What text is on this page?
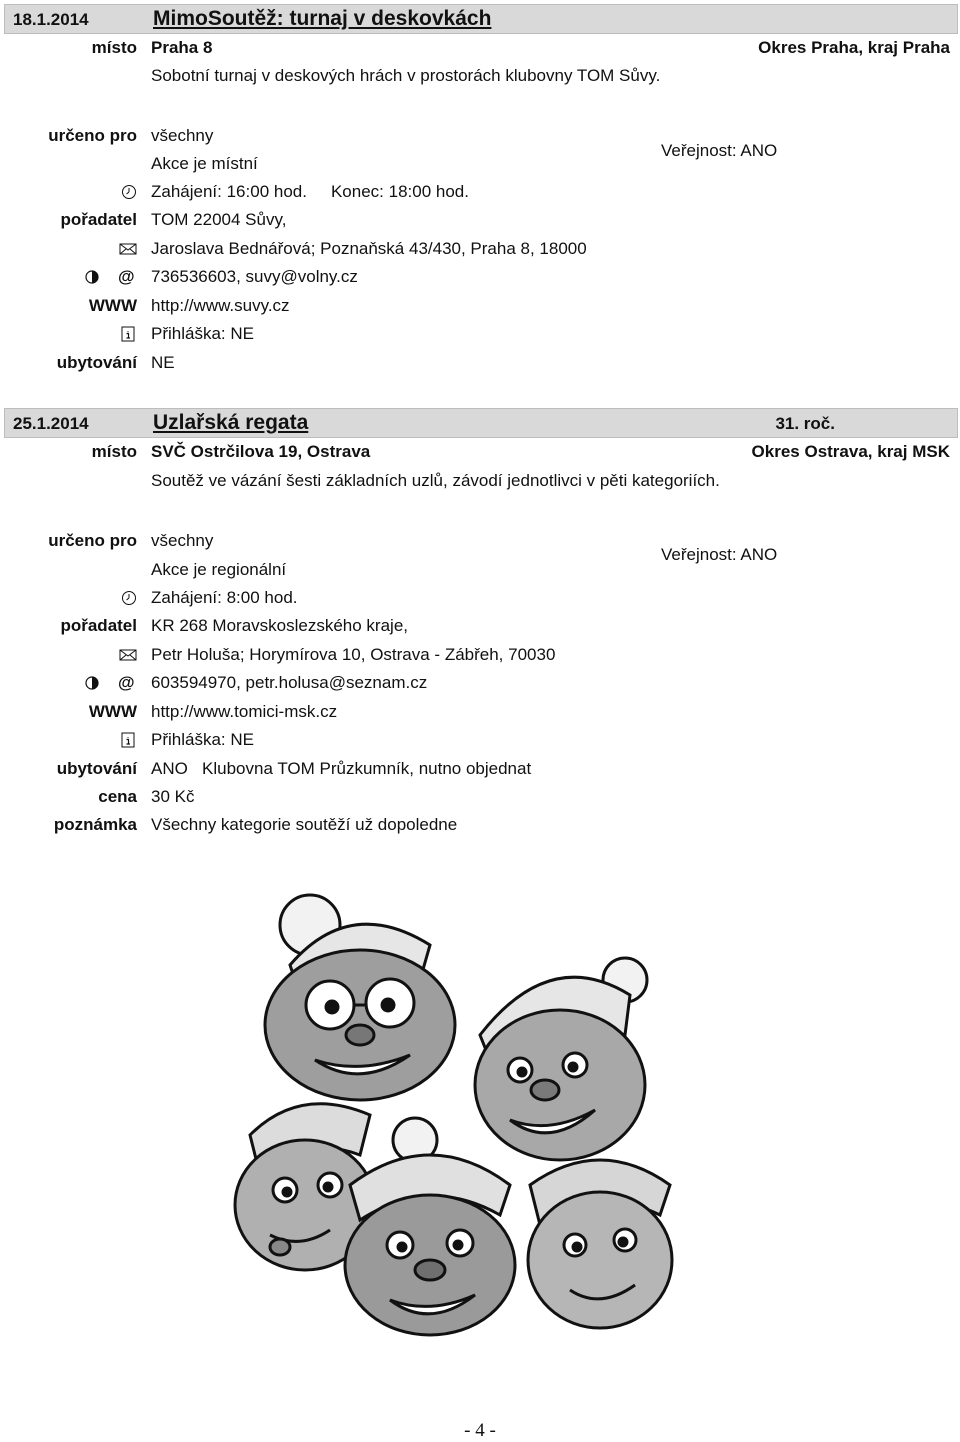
18.1.2014	MimoSoutěž: turnaj v deskovkách
místo Praha 8	Okres Praha, kraj Praha
Sobotní turnaj v deskových hrách v prostorách klubovny TOM Sůvy.
určeno pro všechny
Veřejnost: ANO
Akce je místní
Zahájení: 16:00 hod. Konec: 18:00 hod.
pořadatel TOM 22004 Sůvy,
Jaroslava Bednářová; Poznaňská 43/430, Praha 8, 18000
@ 736536603, suvy@volny.cz
WWW http://www.suvy.cz
Přihláška: NE
ubytování NE
25.1.2014	Uzlařská regata	31. roč.
místo SVČ Ostrčilova 19, Ostrava	Okres Ostrava, kraj MSK
Soutěž ve vázání šesti základních uzlů, závodí jednotlivci v pěti kategoriích.
určeno pro všechny
Veřejnost: ANO
Akce je regionální
Zahájení: 8:00 hod.
pořadatel KR 268 Moravskoslezského kraje,
Petr Holuša; Horymírova 10, Ostrava - Zábřeh, 70030
@ 603594970, petr.holusa@seznam.cz
WWW http://www.tomici-msk.cz
Přihláška: NE
ubytování ANO Klubovna TOM Průzkumník, nutno objednat
cena 30 Kč
poznámka Všechny kategorie soutěží už dopoledne
- 4 -
